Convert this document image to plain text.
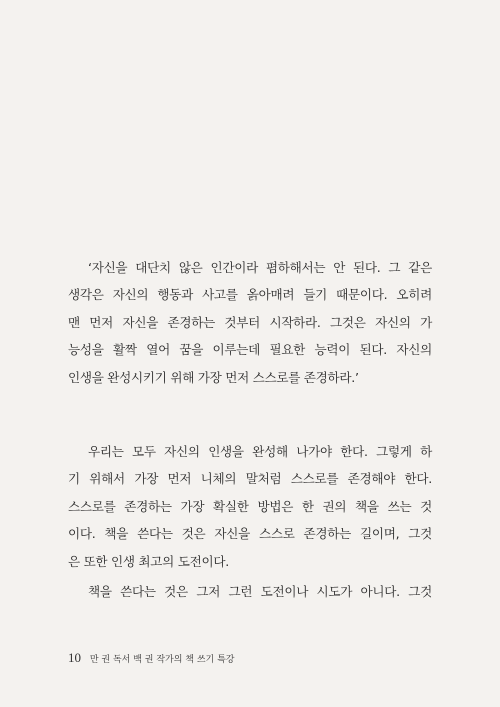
‘자신을 대단치 않은 인간이라 폄하해서는 안 된다. 그 같은
생각은 자신의 행동과 사고를 옭아매려 들기 때문이다. 오히려
맨 먼저 자신을 존경하는 것부터 시작하라. 그것은 자신의 가
능성을 활짝 열어 꿈을 이루는데 필요한 능력이 된다. 자신의
인생을 완성시키기 위해 가장 먼저 스스로를 존경하라.’
우리는 모두 자신의 인생을 완성해 나가야 한다. 그렇게 하
기 위해서 가장 먼저 니체의 말처럼 스스로를 존경해야 한다.
스스로를 존경하는 가장 확실한 방법은 한 권의 책을 쓰는 것
이다. 책을 쓴다는 것은 자신을 스스로 존경하는 길이며, 그것
은 또한 인생 최고의 도전이다.
책을 쓴다는 것은 그저 그런 도전이나 시도가 아니다. 그것
10 만 권 독서 백 권 작가의 책 쓰기 특강
